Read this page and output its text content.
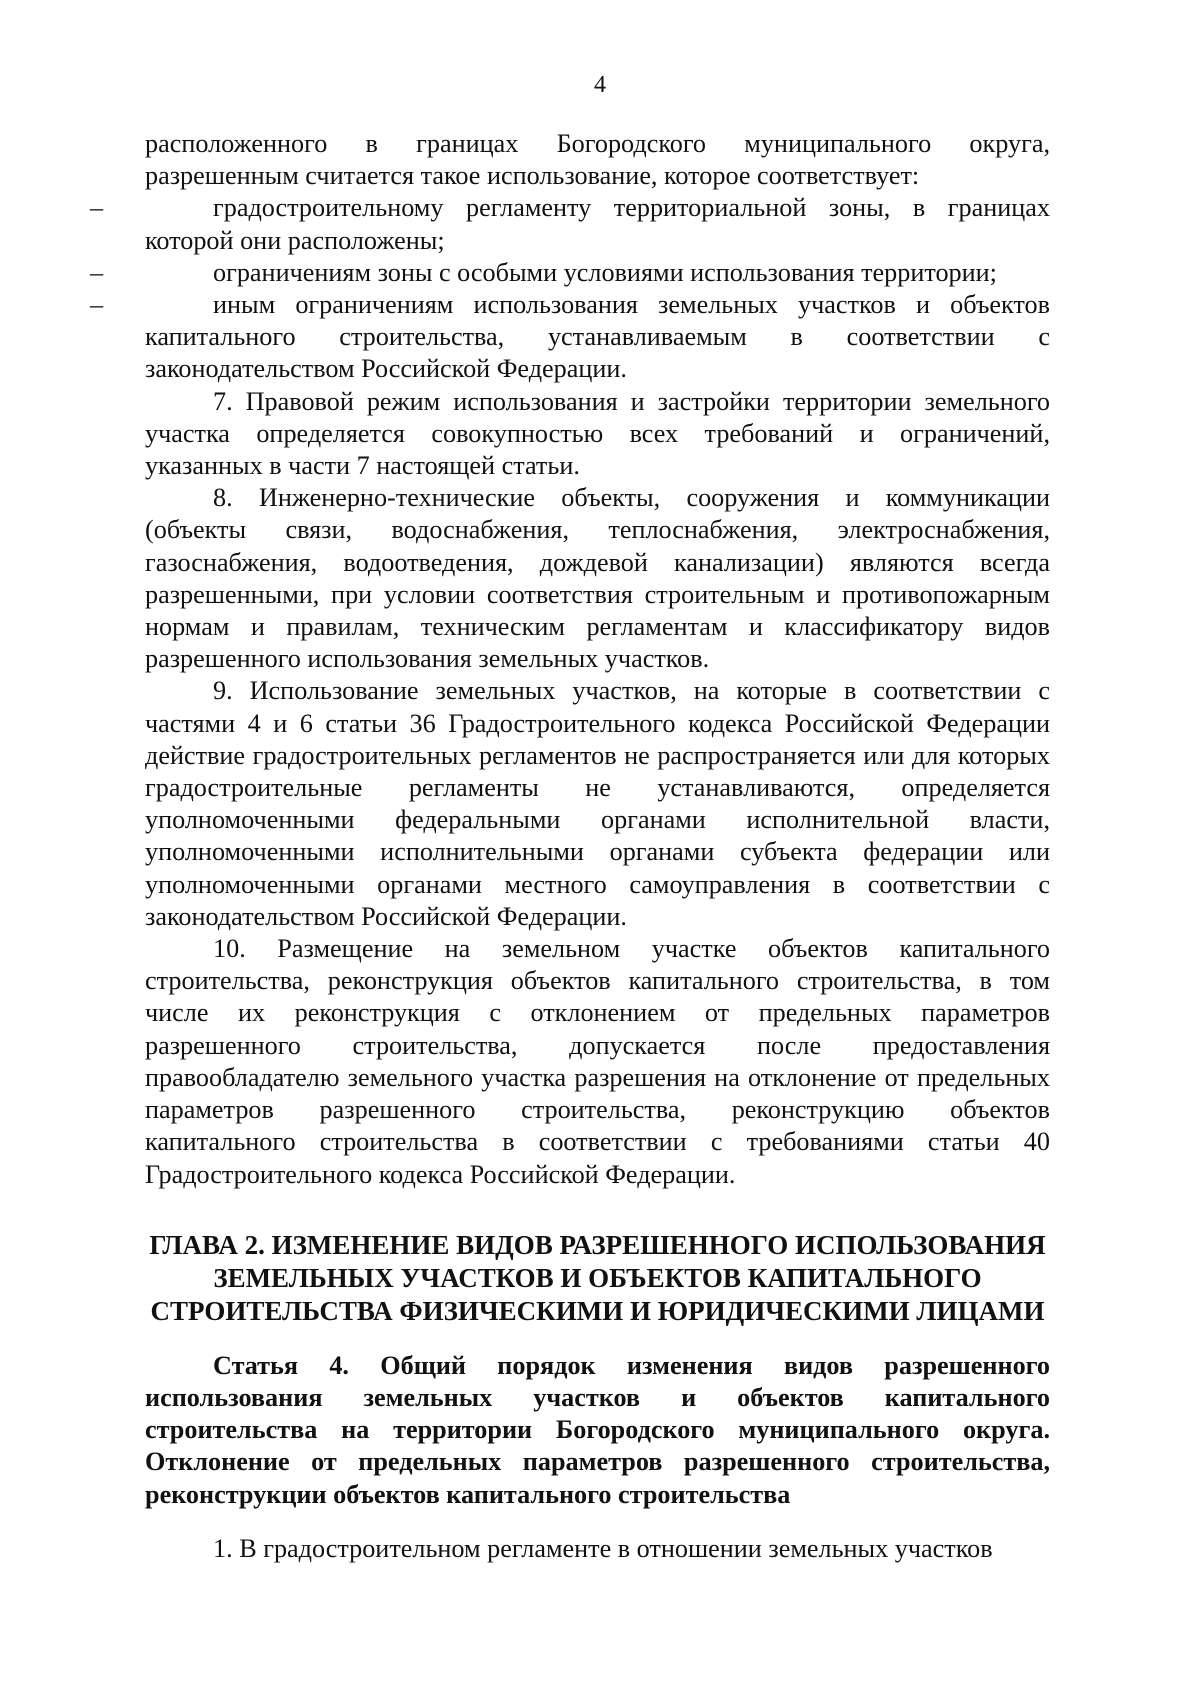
4

расположенного в границах Богородского муниципального округа, разрешенным считается такое использование, которое соответствует:

–	градостроительному регламенту территориальной зоны, в границах которой они расположены;

–	ограничениям зоны с особыми условиями использования территории;

–	иным ограничениям использования земельных участков и объектов капитального строительства, устанавливаемым в соответствии с законодательством Российской Федерации.

7. Правовой режим использования и застройки территории земельного участка определяется совокупностью всех требований и ограничений, указанных в части 7 настоящей статьи.

8. Инженерно-технические объекты, сооружения и коммуникации (объекты связи, водоснабжения, теплоснабжения, электроснабжения, газоснабжения, водоотведения, дождевой канализации) являются всегда разрешенными, при условии соответствия строительным и противопожарным нормам и правилам, техническим регламентам и классификатору видов разрешенного использования земельных участков.

9. Использование земельных участков, на которые в соответствии с частями 4 и 6 статьи 36 Градостроительного кодекса Российской Федерации действие градостроительных регламентов не распространяется или для которых градостроительные регламенты не устанавливаются, определяется уполномоченными федеральными органами исполнительной власти, уполномоченными исполнительными органами субъекта федерации или уполномоченными органами местного самоуправления в соответствии с законодательством Российской Федерации.

10. Размещение на земельном участке объектов капитального строительства, реконструкция объектов капитального строительства, в том числе их реконструкция с отклонением от предельных параметров разрешенного строительства, допускается после предоставления правообладателю земельного участка разрешения на отклонение от предельных параметров разрешенного строительства, реконструкцию объектов капитального строительства в соответствии с требованиями статьи 40 Градостроительного кодекса Российской Федерации.

ГЛАВА 2. ИЗМЕНЕНИЕ ВИДОВ РАЗРЕШЕННОГО ИСПОЛЬЗОВАНИЯ
ЗЕМЕЛЬНЫХ УЧАСТКОВ И ОБЪЕКТОВ КАПИТАЛЬНОГО
СТРОИТЕЛЬСТВА ФИЗИЧЕСКИМИ И ЮРИДИЧЕСКИМИ ЛИЦАМИ

Статья 4. Общий порядок изменения видов разрешенного использования земельных участков и объектов капитального строительства на территории Богородского муниципального округа. Отклонение от предельных параметров разрешенного строительства, реконструкции объектов капитального строительства

1. В градостроительном регламенте в отношении земельных участков
